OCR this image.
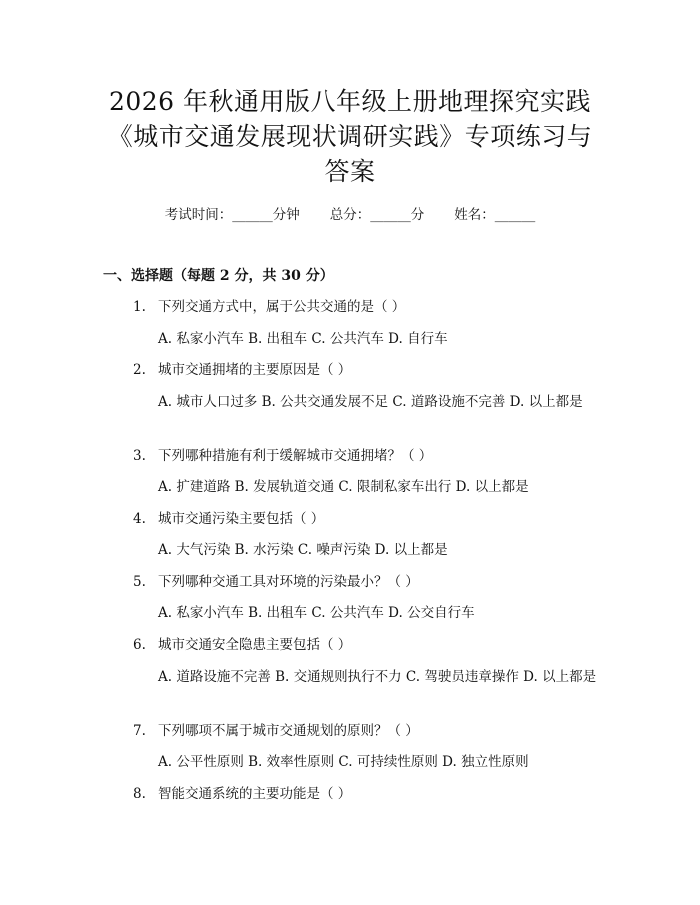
2026 年秋通用版八年级上册地理探究实践
《城市交通发展现状调研实践》专项练习与
答案
考试时间：______分钟 总分：______分 姓名：______
一、选择题（每题 2 分，共 30 分）
1. 下列交通方式中，属于公共交通的是（ ）
A. 私家小汽车 B. 出租车 C. 公共汽车 D. 自行车
2. 城市交通拥堵的主要原因是（ ）
A. 城市人口过多 B. 公共交通发展不足 C. 道路设施不完善 D. 以上都是
3. 下列哪种措施有利于缓解城市交通拥堵？（ ）
A. 扩建道路 B. 发展轨道交通 C. 限制私家车出行 D. 以上都是
4. 城市交通污染主要包括（ ）
A. 大气污染 B. 水污染 C. 噪声污染 D. 以上都是
5. 下列哪种交通工具对环境的污染最小？（ ）
A. 私家小汽车 B. 出租车 C. 公共汽车 D. 公交自行车
6. 城市交通安全隐患主要包括（ ）
A. 道路设施不完善 B. 交通规则执行不力 C. 驾驶员违章操作 D. 以上都是
7. 下列哪项不属于城市交通规划的原则？（ ）
A. 公平性原则 B. 效率性原则 C. 可持续性原则 D. 独立性原则
8. 智能交通系统的主要功能是（ ）
